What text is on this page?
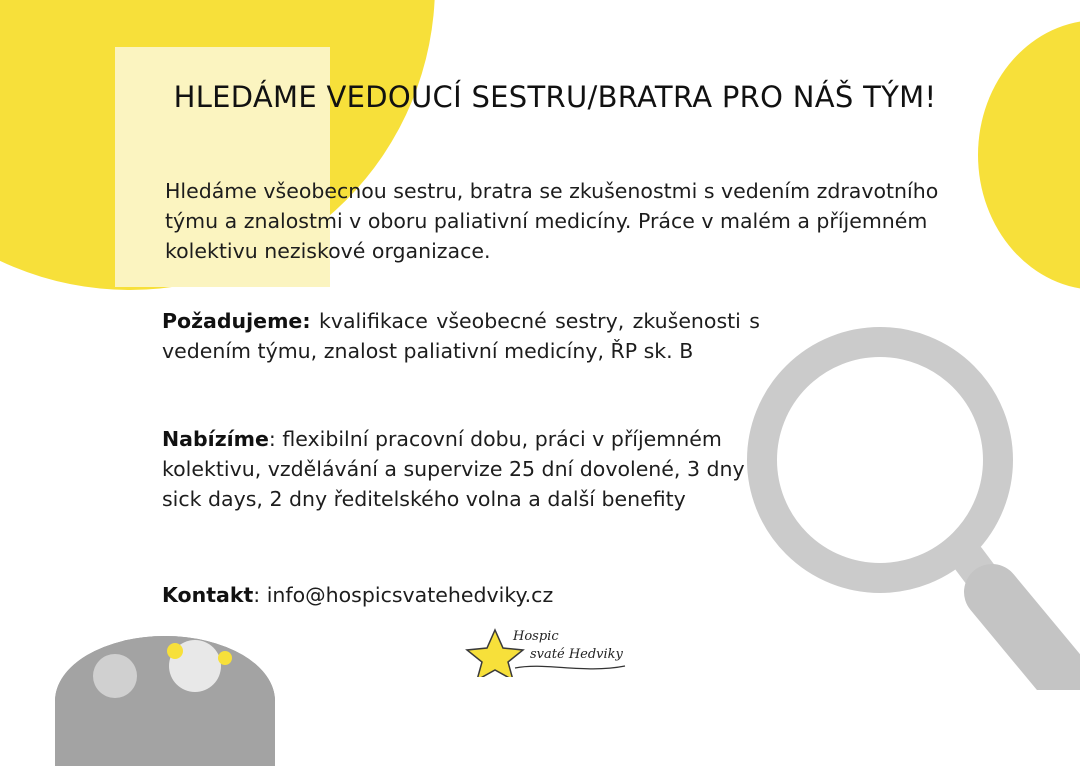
Hospic
svaté Hedviky
HLEDÁME VEDOUCÍ SESTRU/BRATRA PRO NÁŠ TÝM!

Hledáme všeobecnou sestru, bratra se zkušenostmi s vedením zdravotního týmu a znalostmi v oboru paliativní medicíny. Práce v malém a příjemném kolektivu neziskové organizace.

Požadujeme: kvalifikace všeobecné sestry, zkušenosti s vedením týmu, znalost paliativní medicíny, ŘP sk. B

Nabízíme: flexibilní pracovní dobu, práci v příjemném kolektivu, vzdělávání a supervize 25 dní dovolené, 3 dny sick days, 2 dny ředitelského volna a další benefity

Kontakt: info@hospicsvatehedviky.cz
